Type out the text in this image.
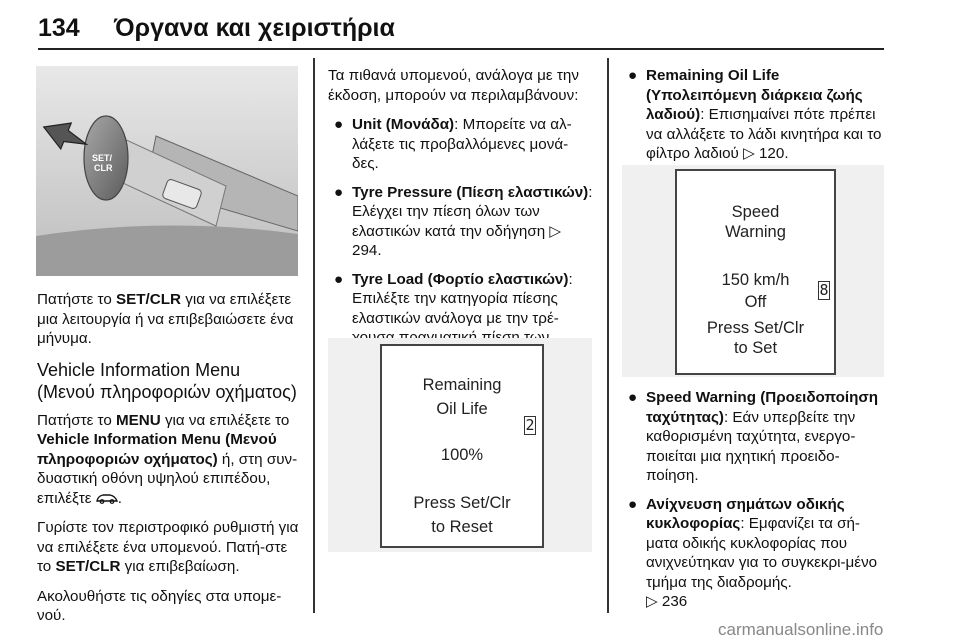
134 Όργανα και χειριστήρια
SET/
CLR

Πατήστε το SET/CLR για να επιλέξετε μια λειτουργία ή να επιβεβαιώσετε ένα μήνυμα.

Vehicle Information Menu (Μενού πληροφοριών οχήματος)

Πατήστε το MENU για να επιλέξετε το Vehicle Information Menu (Μενού πληροφοριών οχήματος) ή, στη συν-δυαστική οθόνη υψηλού επιπέδου, επιλέξτε .

Γυρίστε τον περιστροφικό ρυθμιστή για να επιλέξετε ένα υπομενού. Πατή-στε το SET/CLR για επιβεβαίωση.

Ακολουθήστε τις οδηγίες στα υπομε-νού.

Τα πιθανά υπομενού, ανάλογα με την έκδοση, μπορούν να περιλαμβάνουν:

● Unit (Μονάδα): Μπορείτε να αλ-λάξετε τις προβαλλόμενες μονά-δες.
● Tyre Pressure (Πίεση ελαστικών): Ελέγχει την πίεση όλων των ελαστικών κατά την οδήγηση ▷ 294.
● Tyre Load (Φορτίο ελαστικών): Επιλέξτε την κατηγορία πίεσης ελαστικών ανάλογα με την τρέ-
Remaining
Oil Life
100%
Press Set/Clr
to Reset
2
● Remaining Oil Life (Υπολειπόμενη διάρκεια ζωής λαδιού): Επισημαίνει πότε πρέπει να αλλάξετε το λάδι κινητήρα και το φίλτρο λαδιού ▷ 120.
Speed
Warning
150 km/h
Off
Press Set/Clr
to Set
8
● Speed Warning (Προειδοποίηση ταχύτητας): Εάν υπερβείτε την καθορισμένη ταχύτητα, ενεργο-ποιείται μια ηχητική προειδο-ποίηση.
● Ανίχνευση σημάτων οδικής κυκλοφορίας: Εμφανίζει τα σή-ματα οδικής κυκλοφορίας που ανιχνεύτηκαν για το συγκεκρι-μένο τμήμα της διαδρομής.
▷ 236
carmanualsonline.info
